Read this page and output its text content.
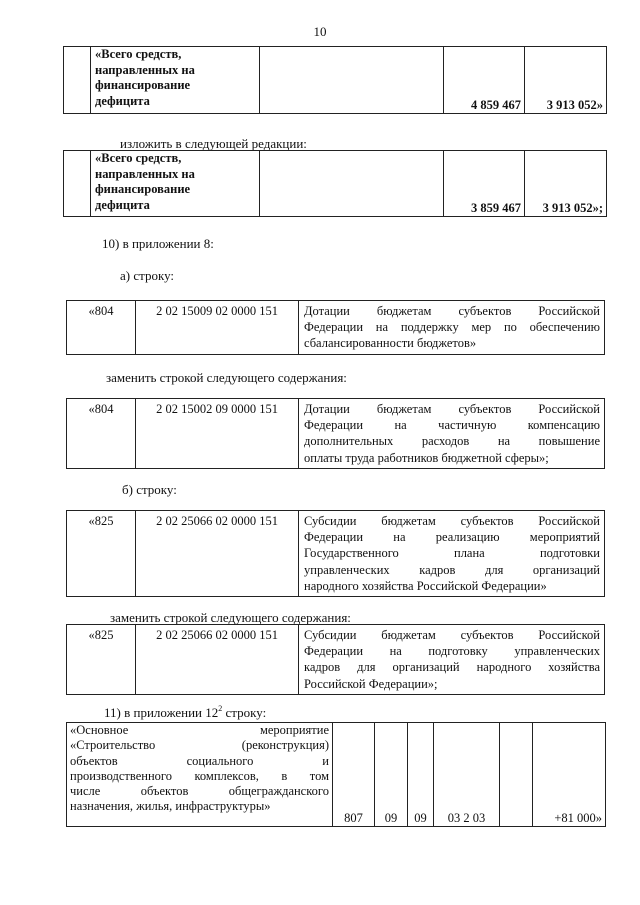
10

«Всего средств,
направленных на
финансирование
дефицита		4 859 467	3 913 052»
изложить в следующей редакции:

«Всего средств,
направленных на
финансирование
дефицита		3 859 467	3 913 052»;
10) в приложении 8:
а) строку:
«804	2 02 15009 02 0000 151	Дотации бюджетам субъектов Российской
Федерации на поддержку мер по обеспечению
сбалансированности бюджетов»
заменить строкой следующего содержания:
«804	2 02 15002 09 0000 151	Дотации бюджетам субъектов Российской
Федерации на частичную компенсацию
дополнительных расходов на повышение
оплаты труда работников бюджетной сферы»;
б) строку:
«825	2 02 25066 02 0000 151	Субсидии бюджетам субъектов Российской
Федерации на реализацию мероприятий
Государственного плана подготовки
управленческих кадров для организаций
народного хозяйства Российской Федерации»
заменить строкой следующего содержания:
«825	2 02 25066 02 0000 151	Субсидии бюджетам субъектов Российской
Федерации на подготовку управленческих
кадров для организаций народного хозяйства
Российской Федерации»;
11) в приложении $12^2$ строку:
«Основное мероприятие
«Строительство (реконструкция)
объектов социального и
производственного комплексов, в том
числе объектов общегражданского
назначения, жилья, инфраструктуры»
	807	09	09	03 2 03		+81 000»
